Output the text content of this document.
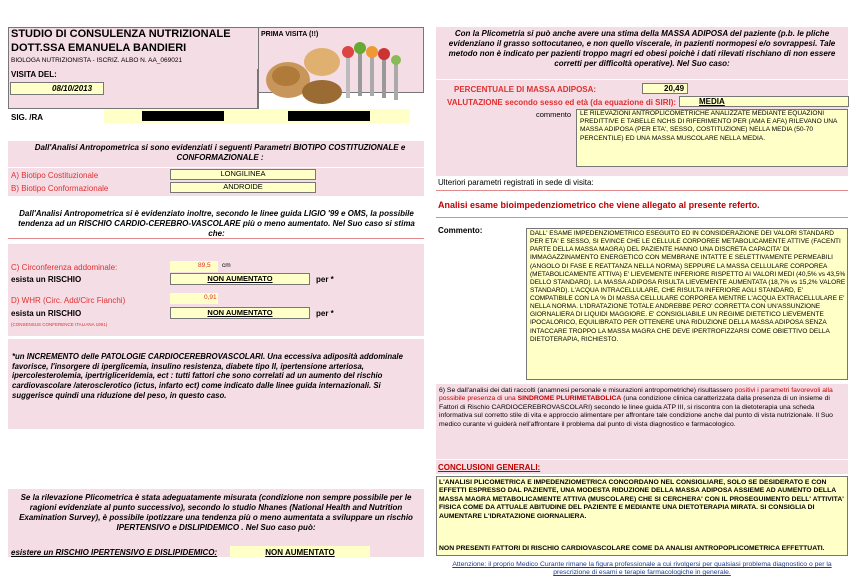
STUDIO DI CONSULENZA NUTRIZIONALE
DOTT.SSA EMANUELA BANDIERI
BIOLOGA NUTRIZIONISTA - ISCRIZ. ALBO N. AA_069021
PRIMA VISITA (!!)
VISITA DEL:
08/10/2013
SIG. /RA
Dall'Analisi Antropometrica si sono evidenziati i seguenti Parametri BIOTIPO COSTITUZIONALE e CONFORMAZIONALE :
A) Biotipo Costituzionale	LONGILINEA
B) Biotipo Conformazionale	ANDROIDE
Dall'Analisi Antropometrica si è evidenziato inoltre, secondo le linee guida LIGIO '99 e OMS, la possibile tendenza ad un RISCHIO CARDIO-CEREBRO-VASCOLARE più o meno aumentato. Nel Suo caso si stima che:
C) Circonferenza addominale:	89,5 cm
esista un RISCHIO	NON AUMENTATO	per *
D) WHR (Circ. Add/Circ Fianchi)	0,91
esista un RISCHIO	NON AUMENTATO	per *
(CONSENSUS CONFERENCE ITALIANA 1991)
*un INCREMENTO delle PATOLOGIE CARDIOCEREBROVASCOLARI. Una eccessiva adiposità addominale favorisce, l'insorgere di iperglicemia, insulino resistenza, diabete tipo II, ipertensione arteriosa, ipercolesterolemia, ipertrigliceridemia, ect : tutti fattori che sono correlati ad un aumento del rischio cardiovascolare /aterosclerotico (ictus, infarto ect) come indicato dalle linee guida internazionali. Si suggerisce quindi una riduzione del peso, in questo caso.
Se la rilevazione Plicometrica è stata adeguatamente misurata (condizione non sempre possibile per le ragioni evidenziate al punto successivo), secondo lo studio Nhanes (National Health and Nutrition Examination Survey), è possibile ipotizzare una tendenza più o meno aumentata a sviluppare un rischio IPERTENSIVO e DISLIPIDEMICO . Nel Suo caso può:
esistere un RISCHIO IPERTENSIVO E DISLIPIDEMICO:	NON AUMENTATO
Con la Plicometria si può anche avere una stima della MASSA ADIPOSA del paziente (p.b. le pliche evidenziano il grasso sottocutaneo, e non quello viscerale, in pazienti normopesi e/o sovrappesi. Tale metodo non è indicato per pazienti troppo magri ed obesi poichè i dati rilevati rischiano di non essere corretti per difficoltà operative). Nel Suo caso:
PERCENTUALE DI MASSA ADIPOSA:	20,49
VALUTAZIONE secondo sesso ed età (da equazione di SIRI):	MEDIA
commento LE RILEVAZIONI ANTROPLICOMETRICHE ANALIZZATE MEDIANTE EQUAZIONI PREDITTIVE E TABELLE NCHS DI RIFERIMENTO PER (AMA E AFA) RILEVANO UNA MASSA ADIPOSA (PER ETA', SESSO, COSTITUZIONE) NELLA MEDIA (50-70 PERCENTILE) ED UNA MASSA MUSCOLARE NELLA MEDIA.
Ulteriori parametri registrati in sede di visita:
Analisi esame bioimpedenziometrico che viene allegato al presente referto.
Commento:	DALL' ESAME IMPEDENZIOMETRICO ESEGUITO ED IN CONSIDERAZIONE DEI VALORI STANDARD PER ETA' E SESSO, SI EVINCE CHE LE CELLULE CORPOREE METABOLICAMENTE ATTIVE (FACENTI PARTE DELLA MASSA MAGRA) DEL PAZIENTE HANNO UNA DISCRETA CAPACITA' DI IMMAGAZZINAMENTO ENERGETICO CON MEMBRANE INTATTE E SELETTIVAMENTE PERMEABILI (ANGOLO DI FASE E REATTANZA NELLA NORMA) SEPPURE LA MASSA CELLULARE CORPOREA (METABOLICAMENTE ATTIVA) E' LIEVEMENTE INFERIORE RISPETTO AI VALORI MEDI (40,5% vs 43,5% DELLO STANDARD). LA MASSA ADIPOSA RISULTA LIEVEMENTE AUMENTATA (18,7% vs 15,2% VALORE STANDARD). L'ACQUA INTRACELLULARE, CHE RISULTA INFERIORE AGLI STANDARD, E' COMPATIBILE CON LA % DI MASSA CELLULARE CORPOREA MENTRE L'ACQUA EXTRACELLULARE E' NELLA NORMA. L'IDRATAZIONE TOTALE ANDREBBE PERO' CORRETTA CON UN'ASSUNZIONE GIORNALIERA DI LIQUIDI MAGGIORE. E' CONSIGLIABILE UN REGIME DIETETICO LIEVEMENTE IPOCALORICO, EQUILIBRATO PER OTTENERE UNA RIDUZIONE DELLA MASSA ADIPOSA SENZA INTACCARE TROPPO LA MASSA MAGRA CHE DEVE IPERTROFIZZARSI COME OBIETTIVO DELLA DIETOTERAPIA, RICHIESTO.
6) Se dall'analisi dei dati raccolti (anamnesi personale e misurazioni antropometriche) risultassero positivi i parametri favorevoli alla possibile presenza di una SINDROME PLURIMETABOLICA (una condizione clinica caratterizzata dalla presenza di un insieme di Fattori di Rischio CARDIOCEREBROVASCOLARI) secondo le linee guida ATP III, si riscontra con la dietoterapia una scheda informativa sul corretto stile di vita e approccio alimentare per affrontare tale condizione anche dal punto di vista nutrizionale. Il Suo medico curante vi guiderà nell'affrontare il problema dal punto di vista diagnostico e farmacologico.
CONCLUSIONI GENERALI:
L'ANALISI PLICOMETRICA E IMPEDENZIOMETRICA CONCORDANO NEL CONSIGLIARE, SOLO SE DESIDERATO E CON EFFETTI ESPRESSO DAL PAZIENTE, UNA MODESTA RIDUZIONE DELLA MASSA ADIPOSA ASSIEME AD AUMENTO DELLA MASSA MAGRA METABOLICAMENTE ATTIVA (MUSCOLARE) CHE SI CERCHERA' CON IL PROSEGUIMENTO DELL' ATTIVITA' FISICA COME DA ATTUALE ABITUDINE DEL PAZIENTE E MEDIANTE UNA DIETOTERAPIA MIRATA. SI CONSIGLIA DI AUMENTARE L'IDRATAZIONE GIORNALIERA.
NON PRESENTI FATTORI DI RISCHIO CARDIOVASCOLARE COME DA ANALISI ANTROPOPLICOMETRICA EFFETTUATI.
Attenzione: il proprio Medico Curante rimane la figura professionale a cui rivolgersi per qualsiasi problema diagnostico o per la prescrizione di esami e terapie farmacologiche in generale.
